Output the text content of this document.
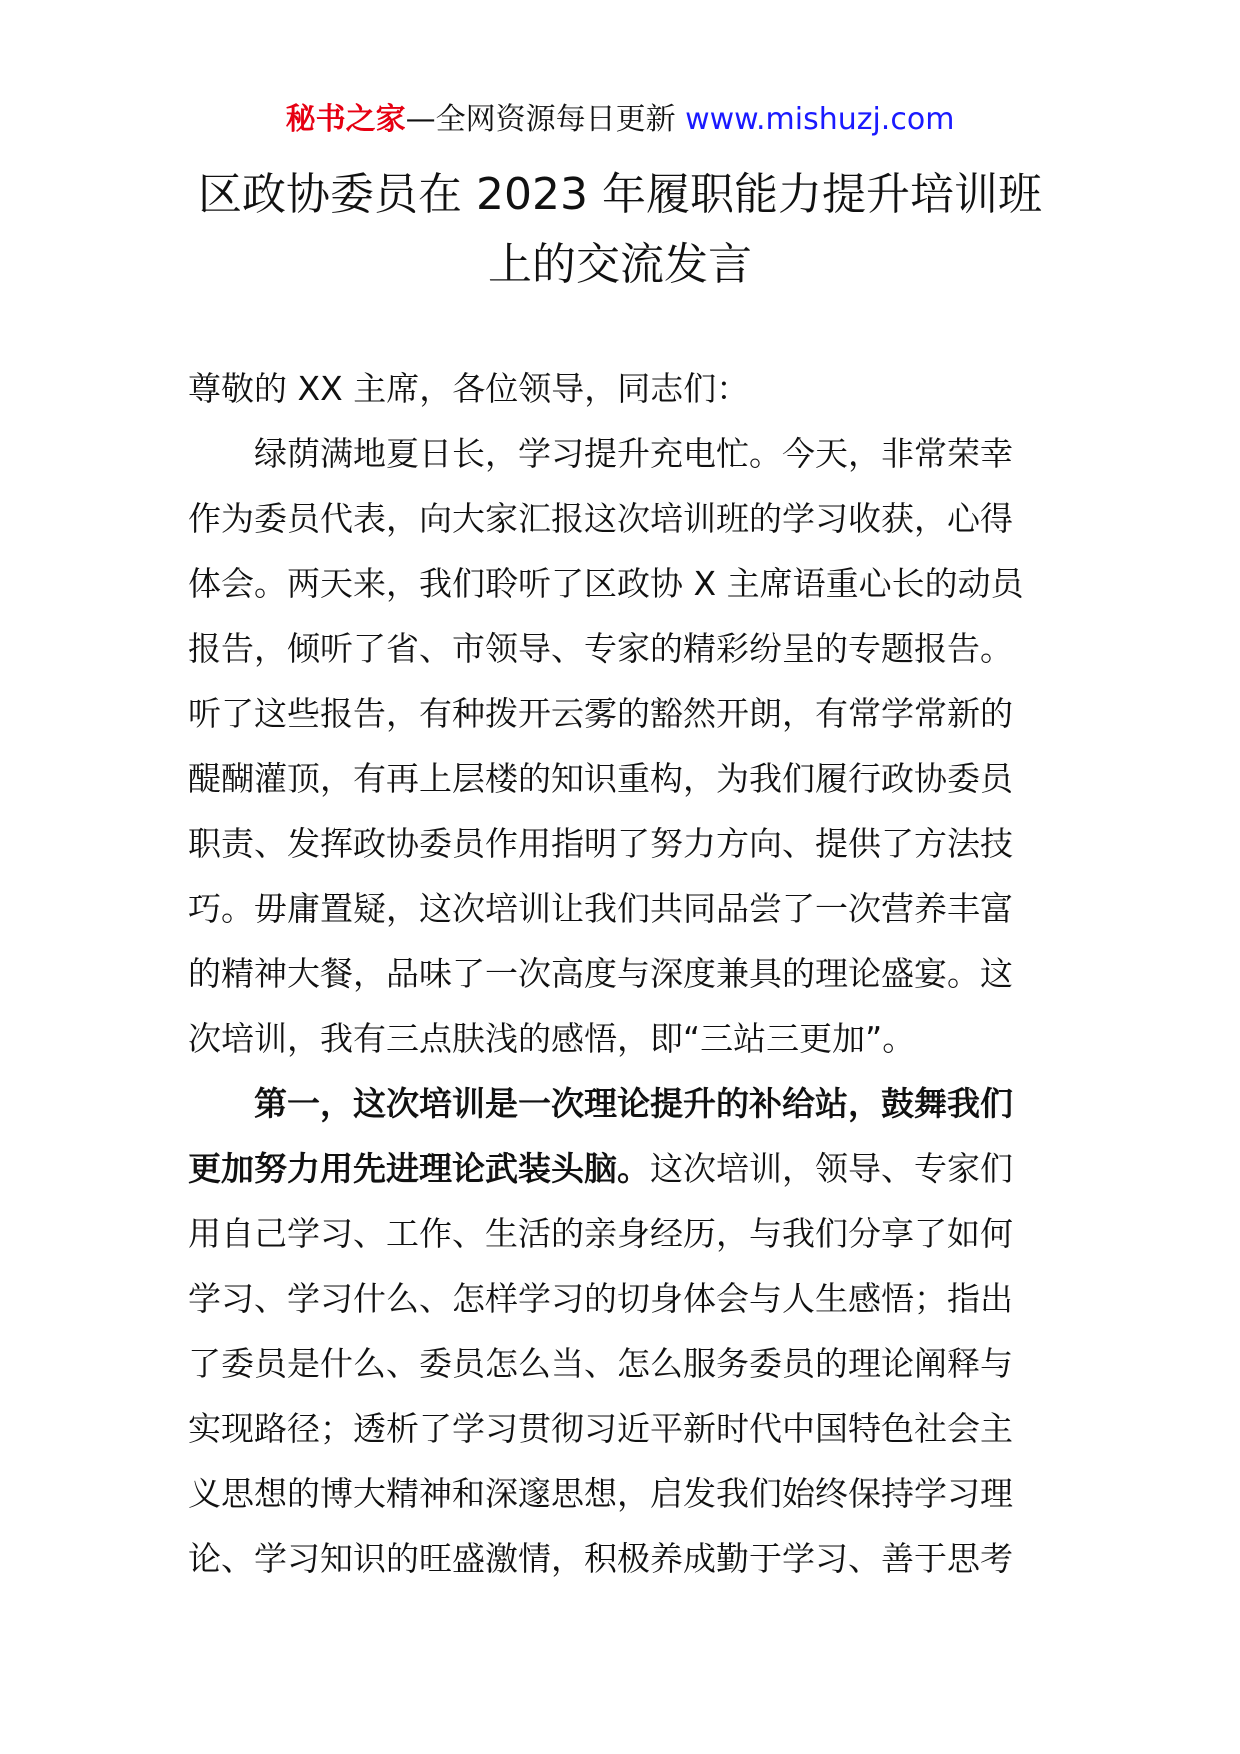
秘书之家—全网资源每日更新 www.mishuzj.com
区政协委员在 2023 年履职能力提升培训班
上的交流发言

尊敬的 XX 主席，各位领导，同志们：

绿荫满地夏日长，学习提升充电忙。今天，非常荣幸
作为委员代表，向大家汇报这次培训班的学习收获，心得
体会。两天来，我们聆听了区政协 X 主席语重心长的动员
报告，倾听了省、市领导、专家的精彩纷呈的专题报告。
听了这些报告，有种拨开云雾的豁然开朗，有常学常新的
醍醐灌顶，有再上层楼的知识重构，为我们履行政协委员
职责、发挥政协委员作用指明了努力方向、提供了方法技
巧。毋庸置疑，这次培训让我们共同品尝了一次营养丰富
的精神大餐，品味了一次高度与深度兼具的理论盛宴。这
次培训，我有三点肤浅的感悟，即“三站三更加”。

第一，这次培训是一次理论提升的补给站，鼓舞我们
更加努力用先进理论武装头脑。这次培训，领导、专家们
用自己学习、工作、生活的亲身经历，与我们分享了如何
学习、学习什么、怎样学习的切身体会与人生感悟；指出
了委员是什么、委员怎么当、怎么服务委员的理论阐释与
实现路径；透析了学习贯彻习近平新时代中国特色社会主
义思想的博大精神和深邃思想，启发我们始终保持学习理
论、学习知识的旺盛激情，积极养成勤于学习、善于思考
